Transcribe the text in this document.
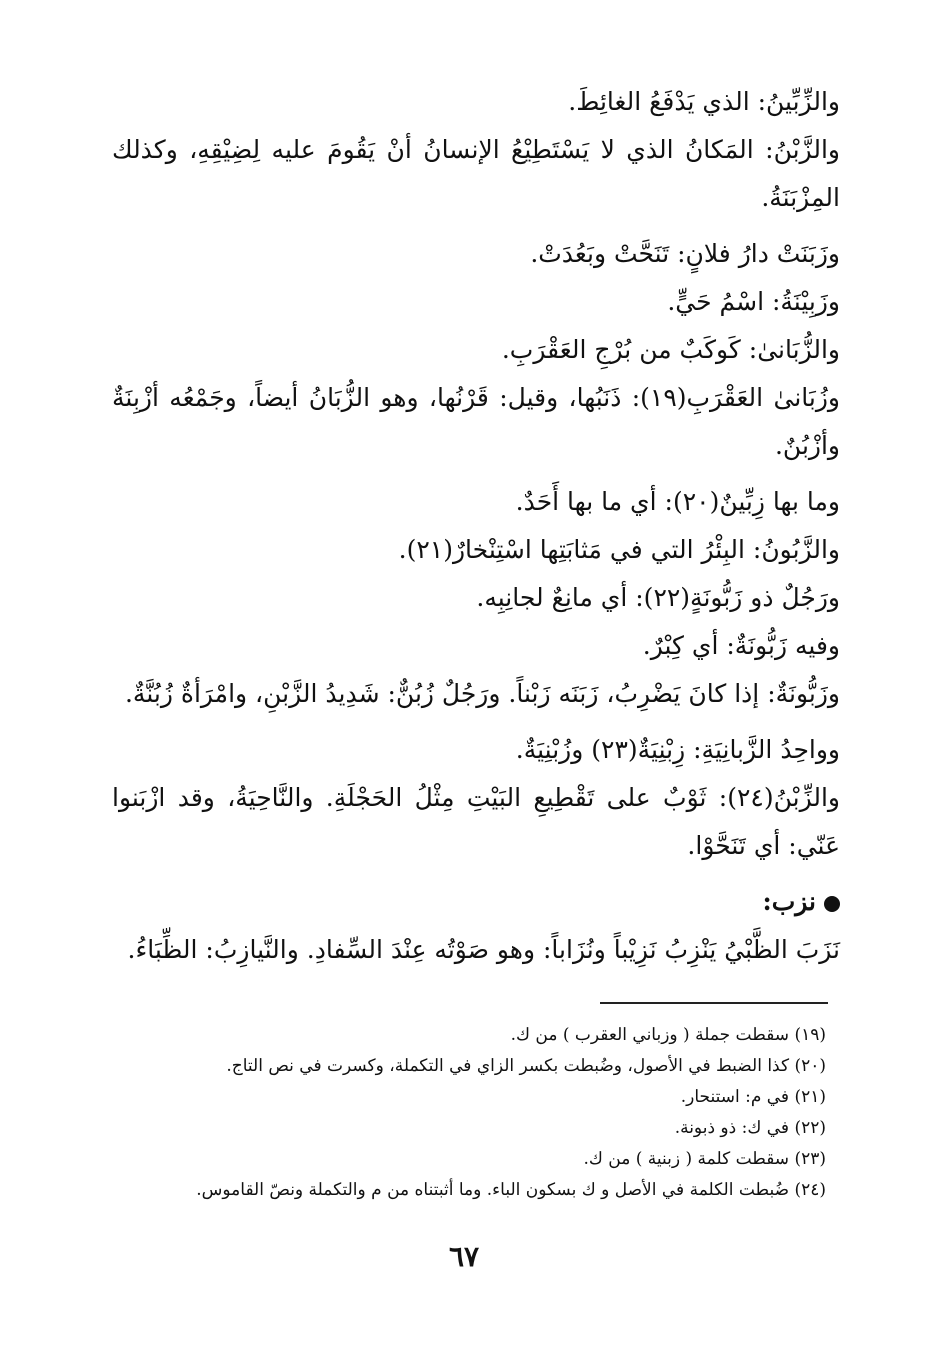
والزِّبِّينُ: الذي يَدْفَعُ الغائِطَ.

والزَّبْنُ: المَكانُ الذي لا يَسْتَطِيْعُ الإنسانُ أنْ يَقُومَ عليه لِضِيْقِهِ، وكذلك المِزْبَنَةُ.

وزَبَنَتْ دارُ فلانٍ: تَنَحَّتْ وبَعُدَتْ.

وزَبِيْنَةُ: اسْمُ حَيٍّ.

والزُّبَانىٰ: كَوكَبٌ من بُرْجِ العَقْرَبِ.

وزُبَانىٰ العَقْرَبِ(١٩): ذَنَبُها، وقيل: قَرْنُها، وهو الزُّبَانُ أيضاً، وجَمْعُه أزْبِنَةٌ وأزْبُنٌ.

وما بها زِبِّينٌ(٢٠): أي ما بها أَحَدٌ.

والزَّبُونُ: البِئْرُ التي في مَثابَتِها اسْتِنْخارٌ(٢١).

ورَجُلٌ ذو زَبُّونَةٍ(٢٢): أي مانِعٌ لجانِبِه.

وفيه زَبُّونَةٌ: أي كِبْرٌ.

وزَبُّونَةٌ: إذا كانَ يَضْرِبُ، زَبَنَه زَبْناً. ورَجُلٌ زُبُنٌّ: شَدِيدُ الزَّبْنِ، وامْرَأةٌ زُبُنَّةٌ.

وواحِدُ الزَّبانِيَةِ: زِبْنِيَةٌ(٢٣) وزُبْنِيَةٌ.

والزِّبْنُ(٢٤): ثَوْبٌ على تَقْطِيعِ البَيْتِ مِثْلُ الحَجْلَةِ. والنَّاحِيَةُ، وقد ازْبَنوا عَنّي: أي تَنَحَّوْا.

نزب:

نَزَبَ الظَّبْيُ يَنْزِبُ نَزِيْباً ونُزَاباً: وهو صَوْتُه عِنْدَ السِّفادِ. والنَّيازِبُ: الظِّبَاءُ.

(١٩) سقطت جملة ( وزباني العقرب ) من ك.

(٢٠) كذا الضبط في الأصول، وضُبطت بكسر الزاي في التكملة، وكسرت في نص التاج.

(٢١) في م: استنحار.

(٢٢) في ك: ذو ذبونة.

(٢٣) سقطت كلمة ( زبنية ) من ك.

(٢٤) ضُبطت الكلمة في الأصل و ك بسكون الباء. وما أثبتناه من م والتكملة ونصّ القاموس.

٦٧
